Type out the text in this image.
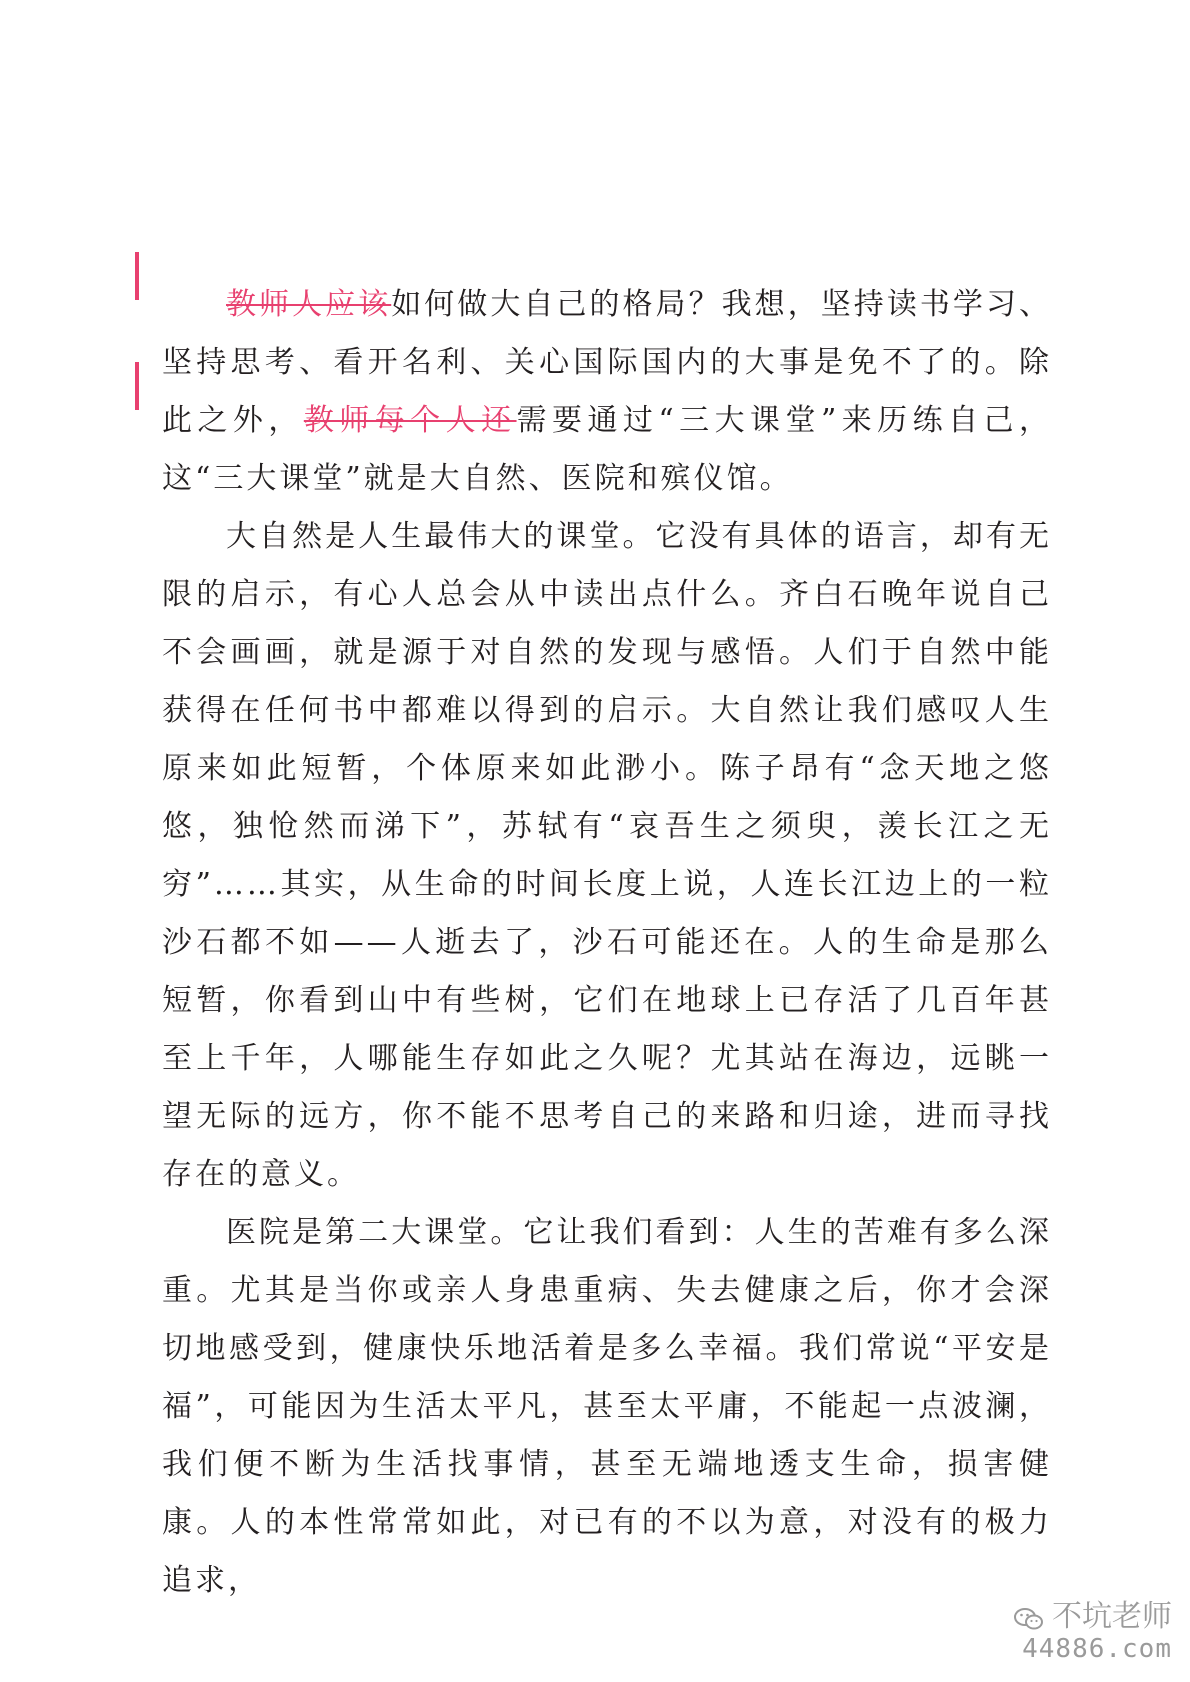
教师人应该如何做大自己的格局？我想，坚持读书学习、坚持思考、看开名利、关心国际国内的大事是免不了的。除此之外，教师每个人还需要通过“三大课堂”来历练自己，这“三大课堂”就是大自然、医院和殡仪馆。

大自然是人生最伟大的课堂。它没有具体的语言，却有无限的启示，有心人总会从中读出点什么。齐白石晚年说自己不会画画，就是源于对自然的发现与感悟。人们于自然中能获得在任何书中都难以得到的启示。大自然让我们感叹人生原来如此短暂，个体原来如此渺小。陈子昂有“念天地之悠悠，独怆然而涕下”，苏轼有“哀吾生之须臾，羡长江之无穷”……其实，从生命的时间长度上说，人连长江边上的一粒沙石都不如——人逝去了，沙石可能还在。人的生命是那么短暂，你看到山中有些树，它们在地球上已存活了几百年甚至上千年，人哪能生存如此之久呢？尤其站在海边，远眺一望无际的远方，你不能不思考自己的来路和归途，进而寻找存在的意义。

医院是第二大课堂。它让我们看到：人生的苦难有多么深重。尤其是当你或亲人身患重病、失去健康之后，你才会深切地感受到，健康快乐地活着是多么幸福。我们常说“平安是福”，可能因为生活太平凡，甚至太平庸，不能起一点波澜，我们便不断为生活找事情，甚至无端地透支生命，损害健康。人的本性常常如此，对已有的不以为意，对没有的极力追求，

不坑老师
44886.com
